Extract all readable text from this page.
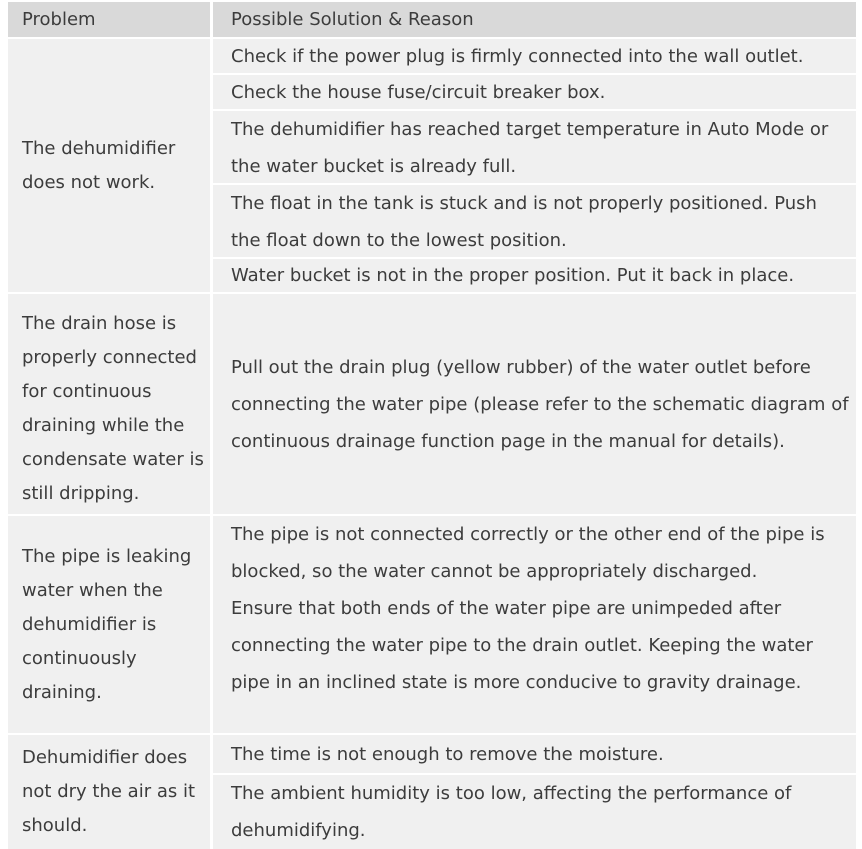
Problem	Possible Solution & Reason
The dehumidifier does not work.
Check if the power plug is firmly connected into the wall outlet.
Check the house fuse/circuit breaker box.
The dehumidifier has reached target temperature in Auto Mode or the water bucket is already full.
The float in the tank is stuck and is not properly positioned. Push the float down to the lowest position.
Water bucket is not in the proper position. Put it back in place.
The drain hose is properly connected for continuous draining while the condensate water is still dripping.
Pull out the drain plug (yellow rubber) of the water outlet before connecting the water pipe (please refer to the schematic diagram of continuous drainage function page in the manual for details).
The pipe is leaking water when the dehumidifier is continuously draining.
The pipe is not connected correctly or the other end of the pipe is blocked, so the water cannot be appropriately discharged.
Ensure that both ends of the water pipe are unimpeded after connecting the water pipe to the drain outlet. Keeping the water pipe in an inclined state is more conducive to gravity drainage.
Dehumidifier does not dry the air as it should.
The time is not enough to remove the moisture.
The ambient humidity is too low, affecting the performance of dehumidifying.
